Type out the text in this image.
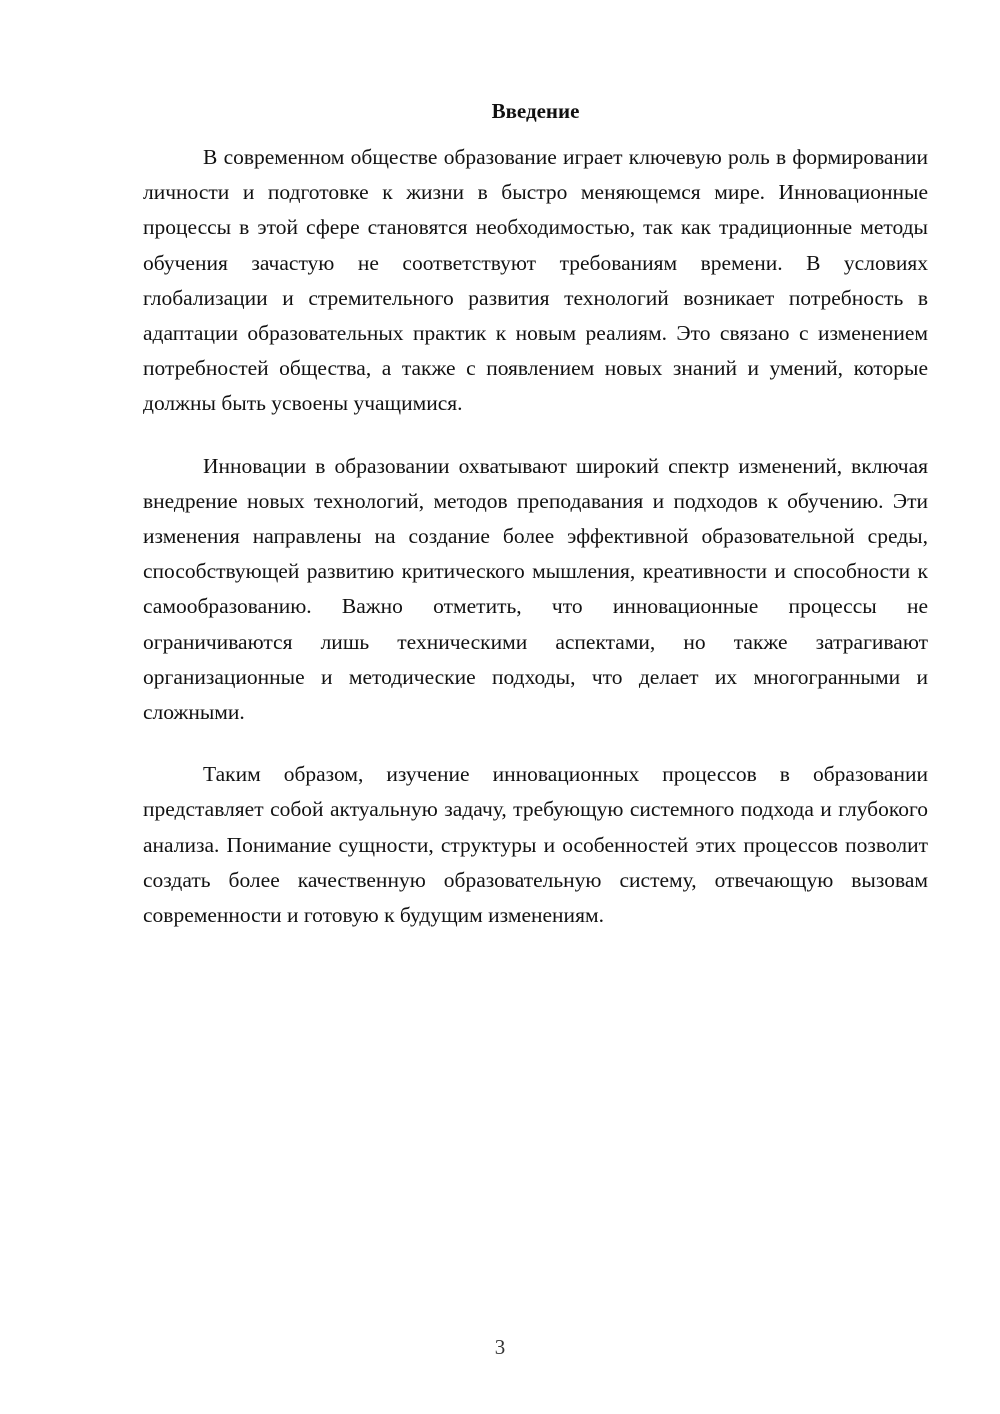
Введение

В современном обществе образование играет ключевую роль в формировании личности и подготовке к жизни в быстро меняющемся мире. Инновационные процессы в этой сфере становятся необходимостью, так как традиционные методы обучения зачастую не соответствуют требованиям времени. В условиях глобализации и стремительного развития технологий возникает потребность в адаптации образовательных практик к новым реалиям. Это связано с изменением потребностей общества, а также с появлением новых знаний и умений, которые должны быть усвоены учащимися.

Инновации в образовании охватывают широкий спектр изменений, включая внедрение новых технологий, методов преподавания и подходов к обучению. Эти изменения направлены на создание более эффективной образовательной среды, способствующей развитию критического мышления, креативности и способности к самообразованию. Важно отметить, что инновационные процессы не ограничиваются лишь техническими аспектами, но также затрагивают организационные и методические подходы, что делает их многогранными и сложными.

Таким образом, изучение инновационных процессов в образовании представляет собой актуальную задачу, требующую системного подхода и глубокого анализа. Понимание сущности, структуры и особенностей этих процессов позволит создать более качественную образовательную систему, отвечающую вызовам современности и готовую к будущим изменениям.

3
